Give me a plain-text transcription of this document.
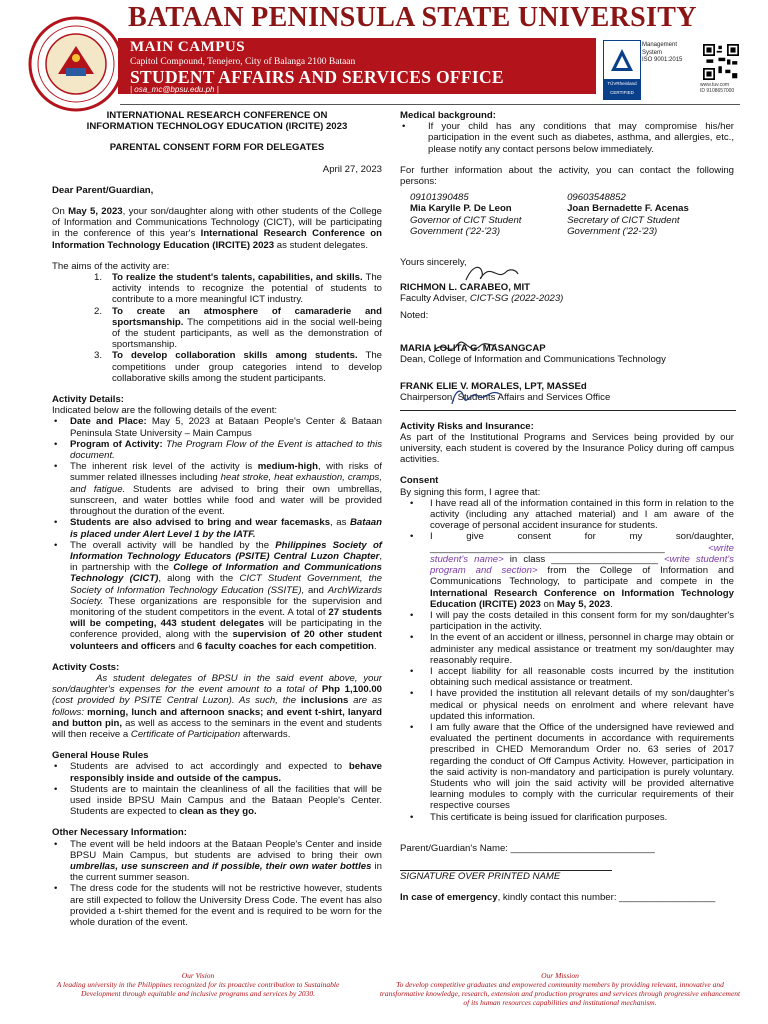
BATAAN PENINSULA STATE UNIVERSITY
MAIN CAMPUS
Capitol Compound, Tenejero, City of Balanga 2100 Bataan
STUDENT AFFAIRS AND SERVICES OFFICE
| osa_mc@bpsu.edu.ph |
TÜVRheinland
CERTIFIED
Management
System
ISO 9001:2015
www.tuv.com
ID 9108657000

INTERNATIONAL RESEARCH CONFERENCE ON

INFORMATION TECHNOLOGY EDUCATION (IRCITE) 2023

PARENTAL CONSENT FORM FOR DELEGATES

April 27, 2023

Dear Parent/Guardian,

On May 5, 2023, your son/daughter along with other students of the College of Information and Communications Technology (CICT), will be participating in the conference of this year's International Research Conference on Information Technology Education (IRCITE) 2023 as student delegates.

The aims of the activity are:

1.	To realize the student's talents, capabilities, and skills. The activity intends to recognize the potential of students to contribute to a more meaningful ICT industry.
2.	To create an atmosphere of camaraderie and sportsmanship. The competitions aid in the social well-being of the student participants, as well as the demonstration of sportsmanship.
3.	To develop collaboration skills among students. The competitions under group categories intend to develop collaborative skills among the student participants.

Activity Details:

Indicated below are the following details of the event:

•	Date and Place: May 5, 2023 at Bataan People's Center & Bataan Peninsula State University – Main Campus
•	Program of Activity: The Program Flow of the Event is attached to this document.
•	The inherent risk level of the activity is medium-high, with risks of summer related illnesses including heat stroke, heat exhaustion, cramps, and fatigue. Students are advised to bring their own umbrellas, sunscreen, and water bottles while food and water will be provided throughout the duration of the event.
•	Students are also advised to bring and wear facemasks, as Bataan is placed under Alert Level 1 by the IATF.
•	The overall activity will be handled by the Philippines Society of Information Technology Educators (PSITE) Central Luzon Chapter, in partnership with the College of Information and Communications Technology (CICT), along with the CICT Student Government, the Society of Information Technology Education (SSITE), and ArchWizards Society. These organizations are responsible for the supervision and monitoring of the student competitors in the event. A total of 27 students will be competing, 443 student delegates will be participating in the conference provided, along with the supervision of 20 other student volunteers and officers and 6 faculty coaches for each competition.

Activity Costs:

As student delegates of BPSU in the said event above, your son/daughter's expenses for the event amount to a total of Php 1,100.00 (cost provided by PSITE Central Luzon). As such, the inclusions are as follows: morning, lunch and afternoon snacks; and event t-shirt, lanyard and button pin, as well as access to the seminars in the event and students will then receive a Certificate of Participation afterwards.

General House Rules

•	Students are advised to act accordingly and expected to behave responsibly inside and outside of the campus.
•	Students are to maintain the cleanliness of all the facilities that will be used inside BPSU Main Campus and the Bataan People's Center. Students are expected to clean as they go.

Other Necessary Information:

•	The event will be held indoors at the Bataan People's Center and inside BPSU Main Campus, but students are advised to bring their own umbrellas, use sunscreen and if possible, their own water bottles in the current summer season.
•	The dress code for the students will not be restrictive however, students are still expected to follow the University Dress Code. The event has also provided a t-shirt themed for the event and is required to be worn for the whole duration of the event.

Medical background:

•	If your child has any conditions that may compromise his/her participation in the event such as diabetes, asthma, and allergies, etc., please notify any contact persons below immediately.

For further information about the activity, you can contact the following persons:

09101390485
Mia Karylle P. De Leon
Governor of CICT Student
Government ('22-'23)
09603548852
Joan Bernadette F. Acenas
Secretary of CICT Student
Government ('22-'23)

Yours sincerely,

RICHMON L. CARABEO, MIT

Faculty Adviser, CICT-SG (2022-2023)

Noted:

MARIA LOLITA G. MASANGCAP

Dean, College of Information and Communications Technology

FRANK ELIE V. MORALES, LPT, MASSEd

Chairperson, Students Affairs and Services Office

Activity Risks and Insurance:

As part of the Institutional Programs and Services being provided by our university, each student is covered by the Insurance Policy during off campus activities.

Consent

By signing this form, I agree that:

•	I have read all of the information contained in this form in relation to the activity (including any attached material) and I am aware of the coverage of personal accident insurance for students.
•	I give consent for my son/daughter, ____________________________________________ <write student's name> in class ____________________ <write student's program and section> from the College of Information and Communications Technology, to participate and compete in the International Research Conference on Information Technology Education (IRCITE) 2023 on May 5, 2023.
•	I will pay the costs detailed in this consent form for my son/daughter's participation in the activity.
•	In the event of an accident or illness, personnel in charge may obtain or administer any medical assistance or treatment my son/daughter may reasonably require.
•	I accept liability for all reasonable costs incurred by the institution obtaining such medical assistance or treatment.
•	I have provided the institution all relevant details of my son/daughter's medical or physical needs on enrolment and where relevant have updated this information.
•	I am fully aware that the Office of the undersigned have reviewed and evaluated the pertinent documents in accordance with requirements prescribed in CHED Memorandum Order no. 63 series of 2017 regarding the conduct of Off Campus Activity. However, participation in the said activity is non-mandatory and participation is purely voluntary. Students who will join the said activity will be provided alternative learning modules to comply with the curricular requirements of their respective courses
•	This certificate is being issued for clarification purposes.

Parent/Guardian's Name: ___________________________

SIGNATURE OVER PRINTED NAME

In case of emergency, kindly contact this number: __________________

Our Vision
A leading university in the Philippines recognized for its proactive contribution to Sustainable Development through equitable and inclusive programs and services by 2030.
Our Mission
To develop competitive graduates and empowered community members by providing relevant, innovative and transformative knowledge, research, extension and production programs and services through progressive enhancement of its human resources capabilities and institutional mechanism.
